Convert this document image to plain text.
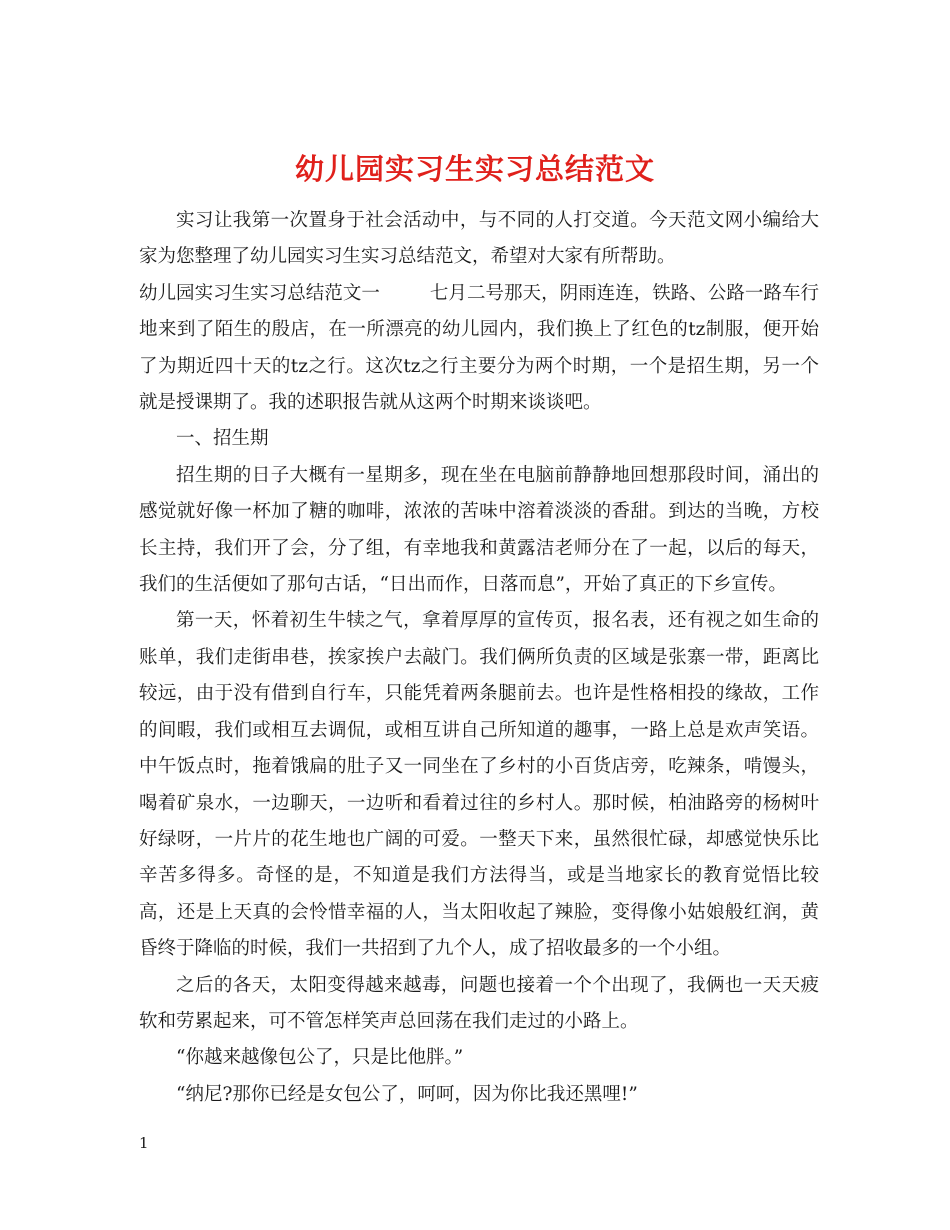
幼儿园实习生实习总结范文

实习让我第一次置身于社会活动中，与不同的人打交道。今天范文网小编给大家为您整理了幼儿园实习生实习总结范文，希望对大家有所帮助。

幼儿园实习生实习总结范文一	七月二号那天，阴雨连连，铁路、公路一路车行地来到了陌生的殷店，在一所漂亮的幼儿园内，我们换上了红色的tz制服，便开始了为期近四十天的tz之行。这次tz之行主要分为两个时期，一个是招生期，另一个就是授课期了。我的述职报告就从这两个时期来谈谈吧。

一、招生期

招生期的日子大概有一星期多，现在坐在电脑前静静地回想那段时间，涌出的感觉就好像一杯加了糖的咖啡，浓浓的苦味中溶着淡淡的香甜。到达的当晚，方校长主持，我们开了会，分了组，有幸地我和黄露洁老师分在了一起，以后的每天，我们的生活便如了那句古话，“日出而作，日落而息”，开始了真正的下乡宣传。

第一天，怀着初生牛犊之气，拿着厚厚的宣传页，报名表，还有视之如生命的账单，我们走街串巷，挨家挨户去敲门。我们俩所负责的区域是张寨一带，距离比较远，由于没有借到自行车，只能凭着两条腿前去。也许是性格相投的缘故，工作的间暇，我们或相互去调侃，或相互讲自己所知道的趣事，一路上总是欢声笑语。中午饭点时，拖着饿扁的肚子又一同坐在了乡村的小百货店旁，吃辣条，啃馒头，喝着矿泉水，一边聊天，一边听和看着过往的乡村人。那时候，柏油路旁的杨树叶好绿呀，一片片的花生地也广阔的可爱。一整天下来，虽然很忙碌，却感觉快乐比辛苦多得多。奇怪的是，不知道是我们方法得当，或是当地家长的教育觉悟比较高，还是上天真的会怜惜幸福的人，当太阳收起了辣脸，变得像小姑娘般红润，黄昏终于降临的时候，我们一共招到了九个人，成了招收最多的一个小组。

之后的各天，太阳变得越来越毒，问题也接着一个个出现了，我俩也一天天疲软和劳累起来，可不管怎样笑声总回荡在我们走过的小路上。

“你越来越像包公了，只是比他胖。”

“纳尼?那你已经是女包公了，呵呵，因为你比我还黑哩!”

1
